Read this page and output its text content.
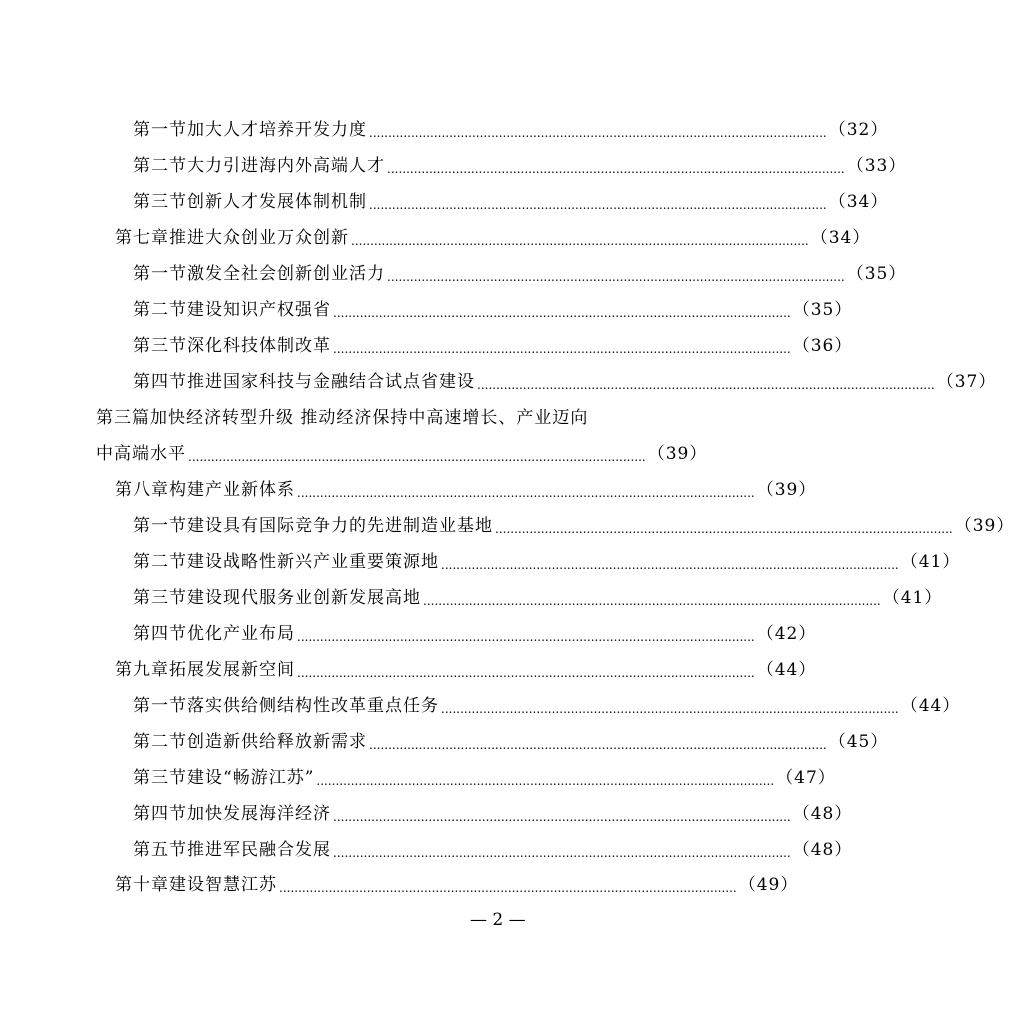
第一节 加大人才培养开发力度 ........................................................................................................................ （32）
第二节 大力引进海内外高端人才 ........................................................................................................................ （33）
第三节 创新人才发展体制机制 ........................................................................................................................ （34）
第七章 推进大众创业万众创新 ........................................................................................................................ （34）
第一节 激发全社会创新创业活力 ........................................................................................................................ （35）
第二节 建设知识产权强省 ........................................................................................................................ （35）
第三节 深化科技体制改革 ........................................................................................................................ （36）
第四节 推进国家科技与金融结合试点省建设 ........................................................................................................................ （37）
第三篇加快经济转型升级 推动经济保持中高速增长、产业迈向
中高端水平 ........................................................................................................................ （39）
第八章 构建产业新体系 ........................................................................................................................ （39）
第一节 建设具有国际竞争力的先进制造业基地 ........................................................................................................................ （39）
第二节 建设战略性新兴产业重要策源地 ........................................................................................................................ （41）
第三节 建设现代服务业创新发展高地 ........................................................................................................................ （41）
第四节 优化产业布局 ........................................................................................................................ （42）
第九章 拓展发展新空间 ........................................................................................................................ （44）
第一节 落实供给侧结构性改革重点任务 ........................................................................................................................ （44）
第二节 创造新供给释放新需求 ........................................................................................................................ （45）
第三节 建设“畅游江苏” ........................................................................................................................ （47）
第四节 加快发展海洋经济 ........................................................................................................................ （48）
第五节 推进军民融合发展 ........................................................................................................................ （48）
第十章 建设智慧江苏 ........................................................................................................................ （49）
— 2 —
